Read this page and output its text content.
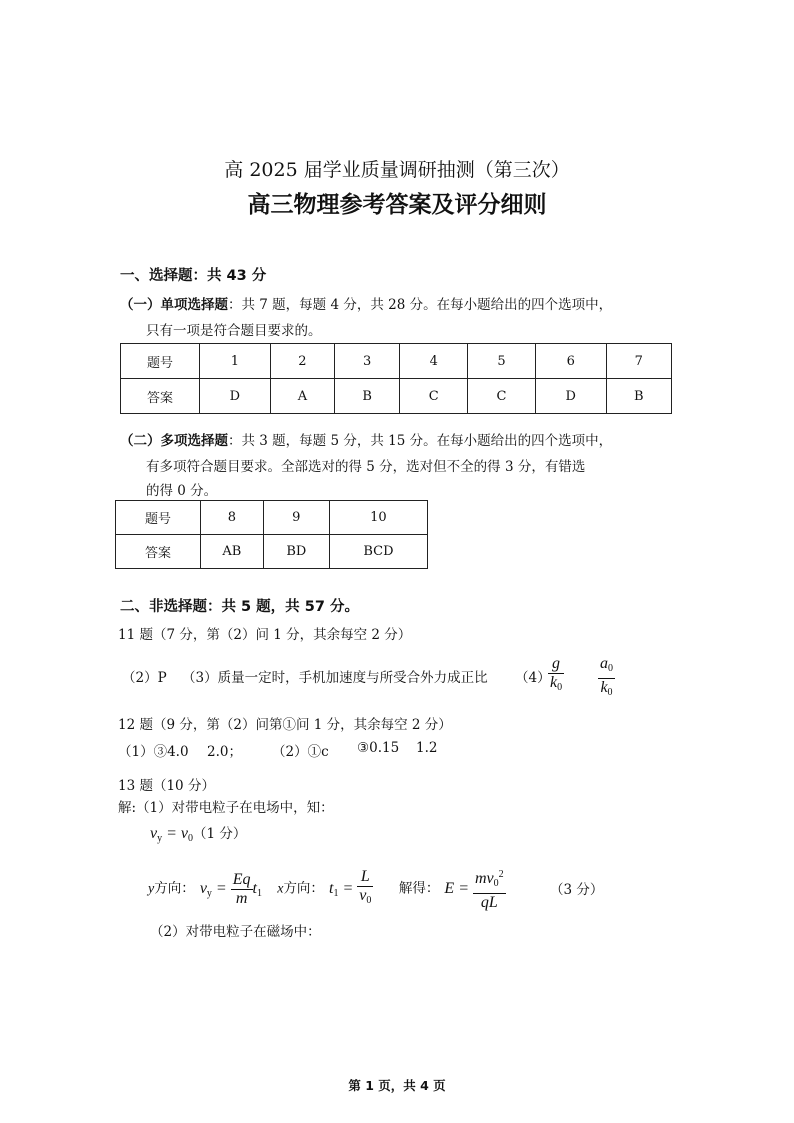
高 2025 届学业质量调研抽测（第三次）
高三物理参考答案及评分细则
一、选择题：共 43 分
（一）单项选择题：共 7 题，每题 4 分，共 28 分。在每小题给出的四个选项中，
只有一项是符合题目要求的。
题号	1	2	3	4	5	6	7
答案	D	A	B	C	C	D	B
（二）多项选择题：共 3 题，每题 5 分，共 15 分。在每小题给出的四个选项中，
有多项符合题目要求。全部选对的得 5 分，选对但不全的得 3 分，有错选
的得 0 分。
题号	8	9	10
答案	AB	BD	BCD
二、非选择题：共 5 题，共 57 分。
11 题（7 分，第（2）问 1 分，其余每空 2 分）
（2）P （3）质量一定时，手机加速度与所受合外力成正比 （4）
$\frac{g}{k_0} \frac{a_0}{k_0}$
12 题（9 分，第（2）问第①问 1 分，其余每空 2 分）
（1）③4.0 2.0； （2）①c ③0.15 1.2
13 题（10 分）
解:（1）对带电粒子在电场中，知：
$v_y = v_0(1$ 分）
y方向： $v_y = \frac{Eq}{m} t_1$ x方向： $t_1 = \frac{L}{v_0}$ 解得： $E = \frac{mv_0^2}{qL}$	（3 分）
（2）对带电粒子在磁场中：
第 1 页，共 4 页
